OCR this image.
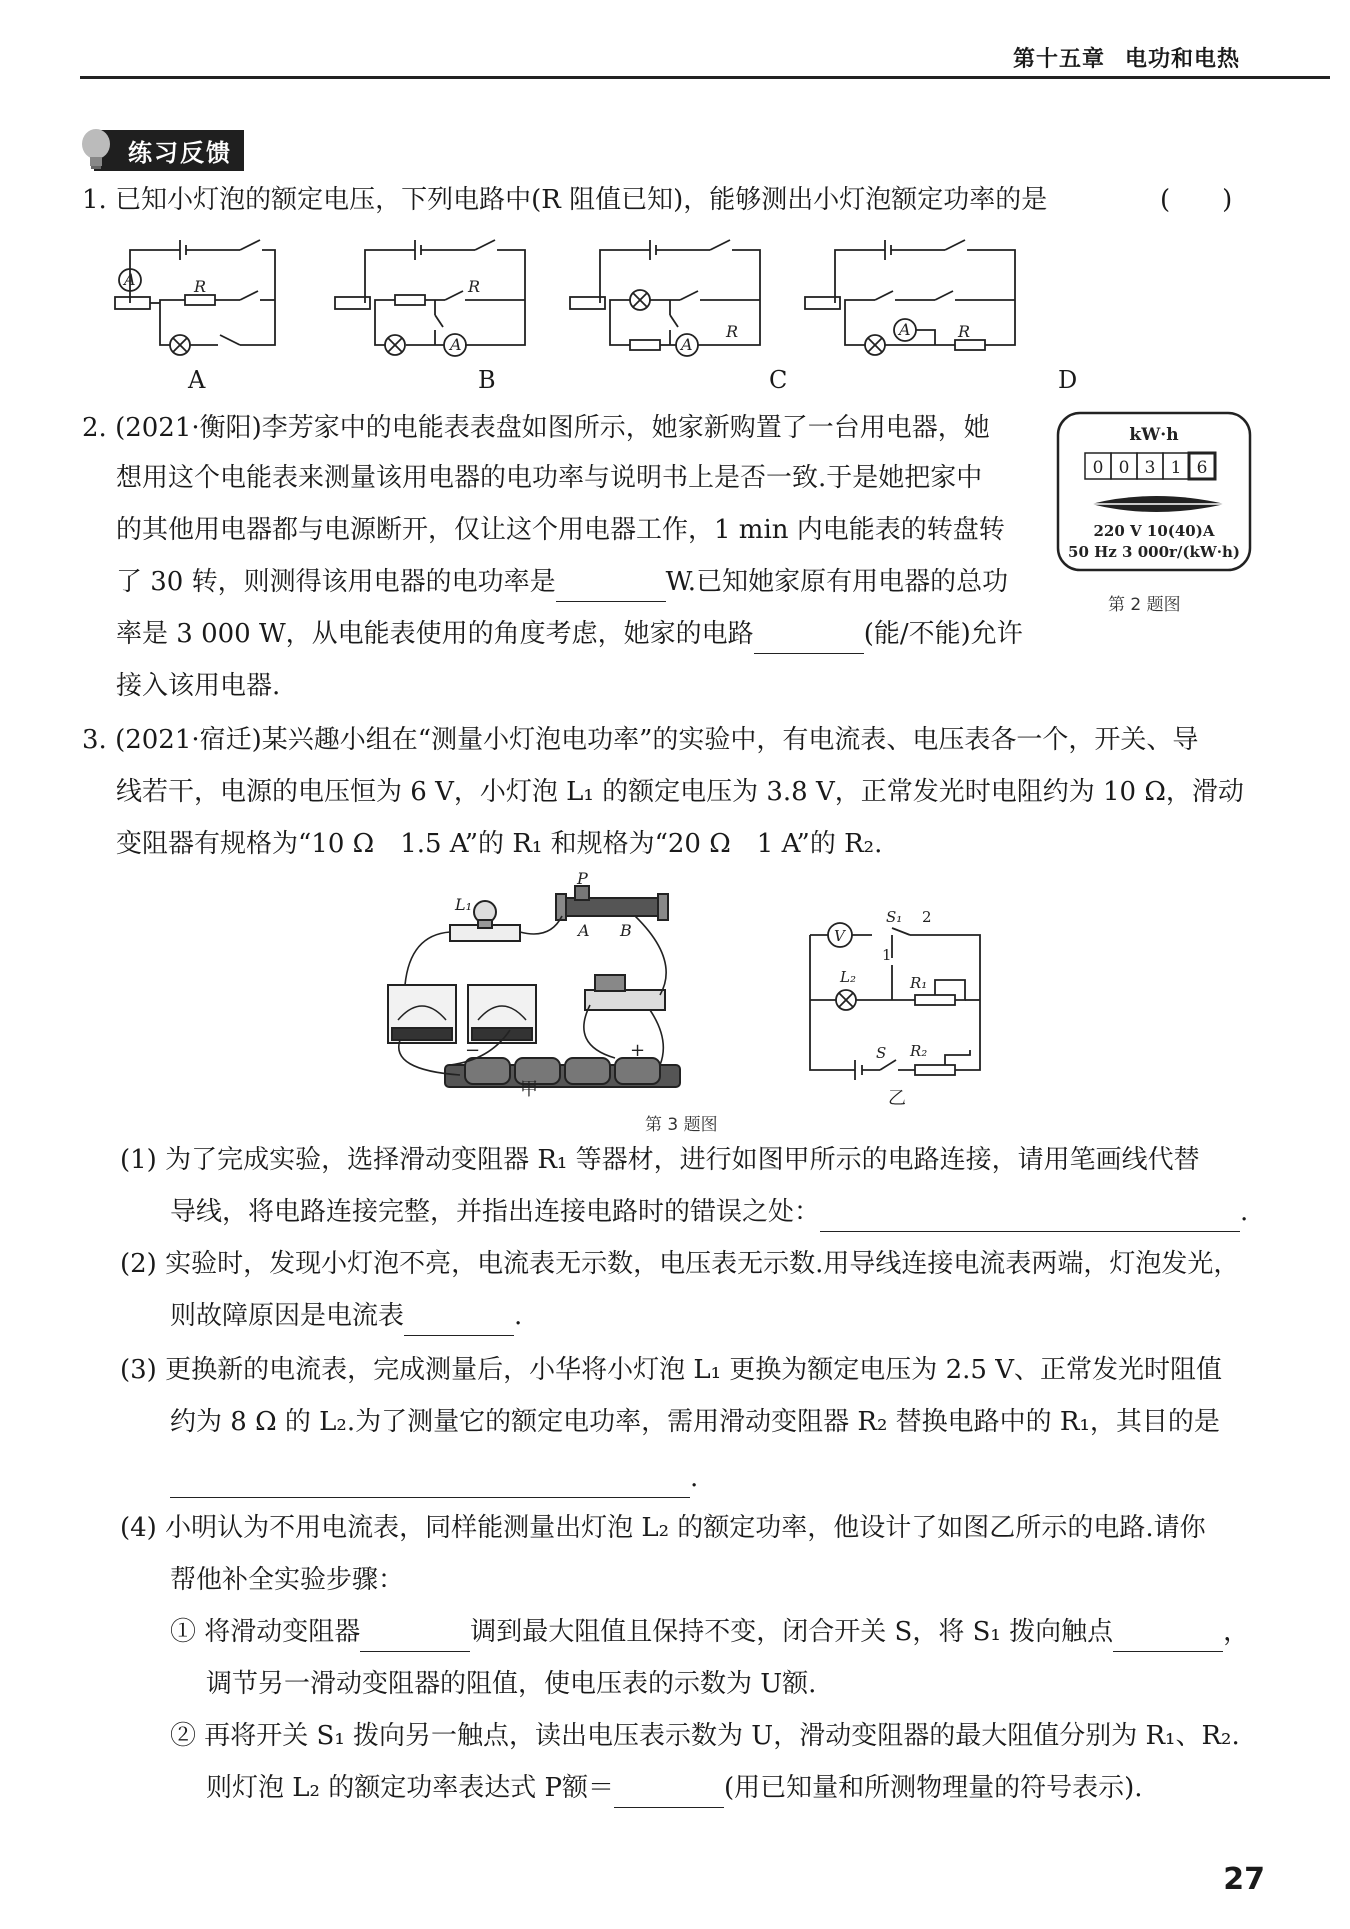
第十五章 电功和电热
练习反馈
1. 已知小灯泡的额定电压，下列电路中(R 阻值已知)，能够测出小灯泡额定功率的是	(　　)
A	R
A
R
A
R	A	R
A	B	C	D
2. (2021·衡阳)李芳家中的电能表表盘如图所示，她家新购置了一台用电器，她
想用这个电能表来测量该用电器的电功率与说明书上是否一致.于是她把家中
的其他用电器都与电源断开，仅让这个用电器工作，1 min 内电能表的转盘转
了 30 转，则测得该用电器的电功率是	W.已知她家原有用电器的总功
率是 3 000 W，从电能表使用的角度考虑，她家的电路	(能/不能)允许
接入该用电器.
kW·h
0 0 3 1 6
220 V 10(40)A
50 Hz 3 000r/(kW·h)
第 2 题图
3. (2021·宿迁)某兴趣小组在“测量小灯泡电功率”的实验中，有电流表、电压表各一个，开关、导
线若干，电源的电压恒为 6 V，小灯泡 L₁ 的额定电压为 3.8 V，正常发光时电阻约为 10 Ω，滑动
变阻器有规格为“10 Ω　1.5 A”的 R₁ 和规格为“20 Ω　1 A”的 R₂.
L₁
P
A B
−	+
甲
V
S₁ 2
1
L₂	R₁
S R₂
乙
第 3 题图
(1) 为了完成实验，选择滑动变阻器 R₁ 等器材，进行如图甲所示的电路连接，请用笔画线代替
导线，将电路连接完整，并指出连接电路时的错误之处：	.
(2) 实验时，发现小灯泡不亮，电流表无示数，电压表无示数.用导线连接电流表两端，灯泡发光，
则故障原因是电流表	.
(3) 更换新的电流表，完成测量后，小华将小灯泡 L₁ 更换为额定电压为 2.5 V、正常发光时阻值
约为 8 Ω 的 L₂.为了测量它的额定电功率，需用滑动变阻器 R₂ 替换电路中的 R₁，其目的是
.
(4) 小明认为不用电流表，同样能测量出灯泡 L₂ 的额定功率，他设计了如图乙所示的电路.请你
帮他补全实验步骤：
① 将滑动变阻器	调到最大阻值且保持不变，闭合开关 S，将 S₁ 拨向触点	，
调节另一滑动变阻器的阻值，使电压表的示数为 U额.
② 再将开关 S₁ 拨向另一触点，读出电压表示数为 U，滑动变阻器的最大阻值分别为 R₁、R₂.
则灯泡 L₂ 的额定功率表达式 P额＝	(用已知量和所测物理量的符号表示).
27
